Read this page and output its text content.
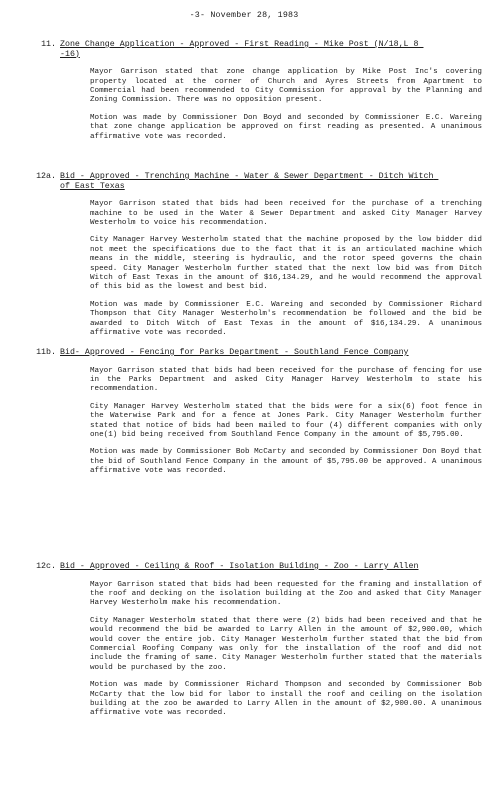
-3- November 28, 1983
11. Zone Change Application - Approved - First Reading - Mike Post (N/18,L 8 -16)
Mayor Garrison stated that zone change application by Mike Post Inc's covering property located at the corner of Church and Ayres Streets from Apartment to Commercial had been recommended to City Commission for approval by the Planning and Zoning Commission. There was no opposition present.
Motion was made by Commissioner Don Boyd and seconded by Commissioner E.C. Wareing that zone change application be approved on first reading as presented. A unanimous affirmative vote was recorded.
12a. Bid - Approved - Trenching Machine - Water & Sewer Department - Ditch Witch of East Texas
Mayor Garrison stated that bids had been received for the purchase of a trenching machine to be used in the Water & Sewer Department and asked City Manager Harvey Westerholm to voice his recommendation.
City Manager Harvey Westerholm stated that the machine proposed by the low bidder did not meet the specifications due to the fact that it is an articulated machine which means in the middle, steering is hydraulic, and the rotor speed governs the chain speed. City Manager Westerholm further stated that the next low bid was from Ditch Witch of East Texas in the amount of $16,134.29, and he would recommend the approval of this bid as the lowest and best bid.
Motion was made by Commissioner E.C. Wareing and seconded by Commissioner Richard Thompson that City Manager Westerholm's recommendation be followed and the bid be awarded to Ditch Witch of East Texas in the amount of $16,134.29. A unanimous affirmative vote was recorded.
11b. Bid- Approved - Fencing for Parks Department - Southland Fence Company
Mayor Garrison stated that bids had been received for the purchase of fencing for use in the Parks Department and asked City Manager Harvey Westerholm to state his recommendation.
City Manager Harvey Westerholm stated that the bids were for a six(6) foot fence in the Waterwise Park and for a fence at Jones Park. City Manager Westerholm further stated that notice of bids had been mailed to four (4) different companies with only one(1) bid being received from Southland Fence Company in the amount of $5,795.00.
Motion was made by Commissioner Bob McCarty and seconded by Commissioner Don Boyd that the bid of Southland Fence Company in the amount of $5,795.00 be approved. A unanimous affirmative vote was recorded.
12c. Bid - Approved - Ceiling & Roof - Isolation Building - Zoo - Larry Allen
Mayor Garrison stated that bids had been requested for the framing and installation of the roof and decking on the isolation building at the Zoo and asked that City Manager Harvey Westerholm make his recommendation.
City Manager Westerholm stated that there were (2) bids had been received and that he would recommend the bid be awarded to Larry Allen in the amount of $2,900.00, which would cover the entire job. City Manager Westerholm further stated that the bid from Commercial Roofing Company was only for the installation of the roof and did not include the framing of same. City Manager Westerholm further stated that the materials would be purchased by the zoo.
Motion was made by Commissioner Richard Thompson and seconded by Commissioner Bob McCarty that the low bid for labor to install the roof and ceiling on the isolation building at the zoo be awarded to Larry Allen in the amount of $2,900.00. A unanimous affirmative vote was recorded.
